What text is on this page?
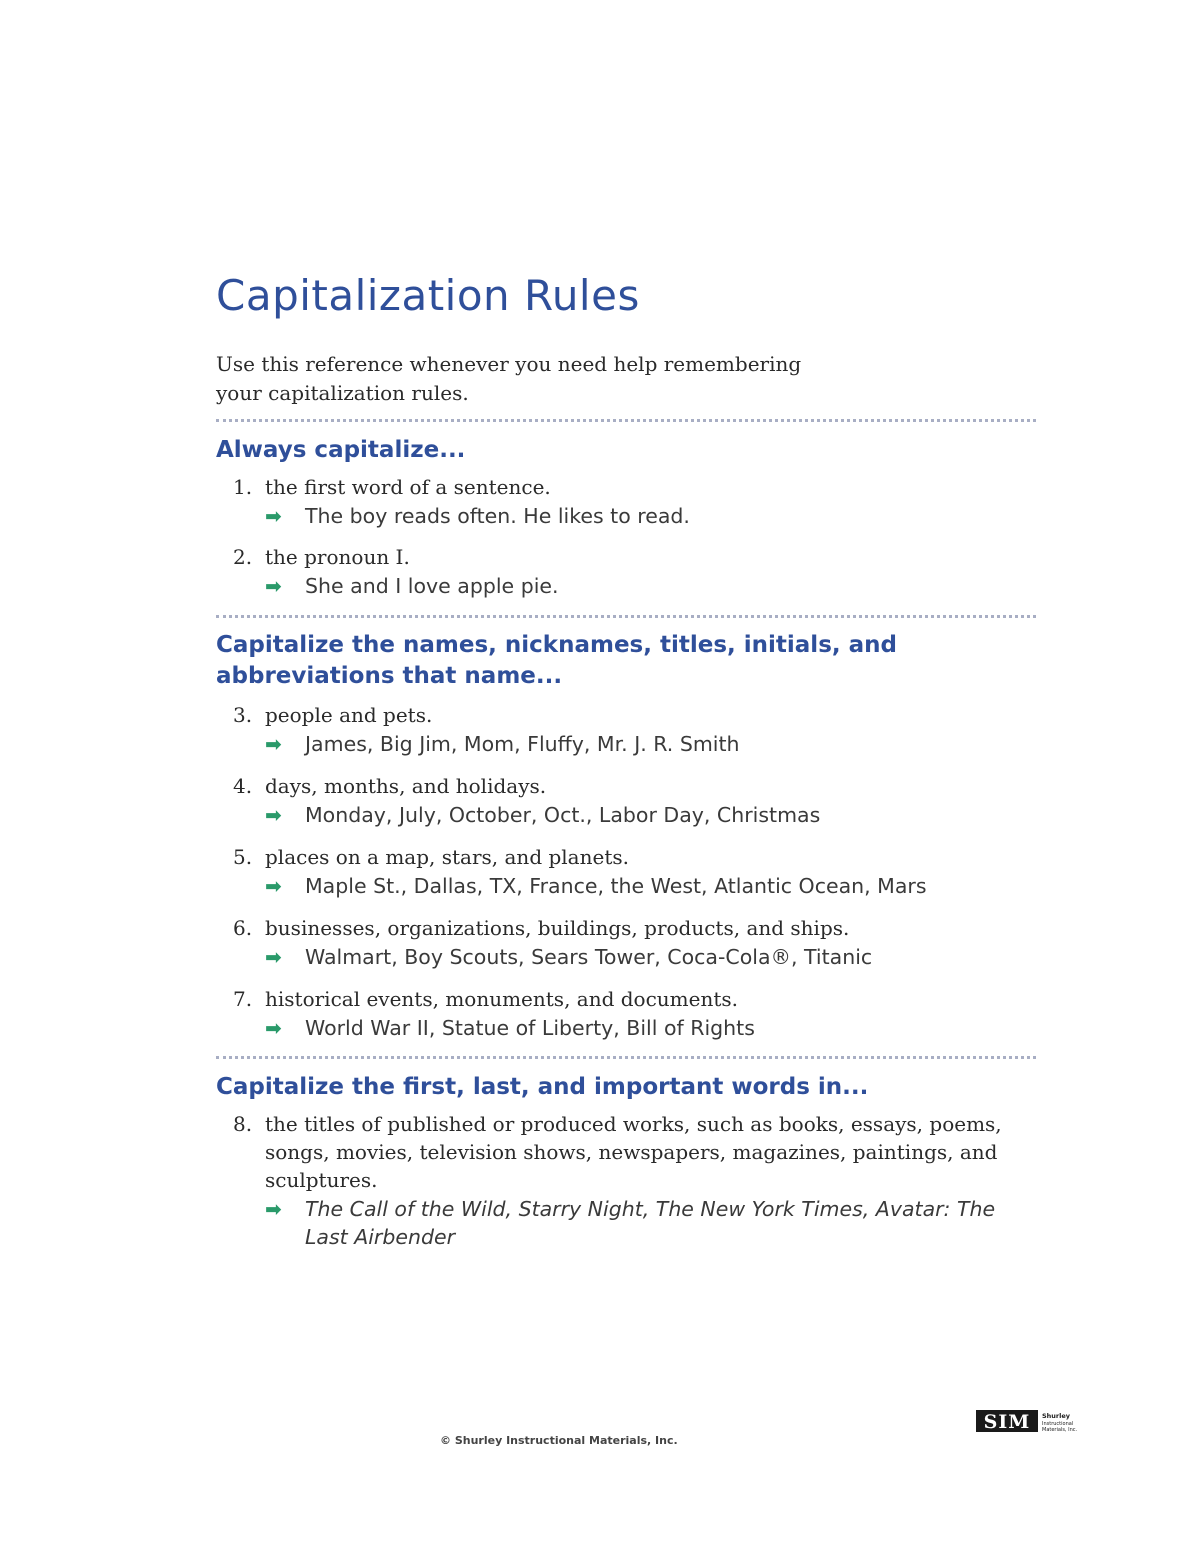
Capitalization Rules

Use this reference whenever you need help remembering your capitalization rules.

Always capitalize...
1. the first word of a sentence.
➡	The boy reads often. He likes to read.
2. the pronoun I.
➡	She and I love apple pie.
Capitalize the names, nicknames, titles, initials, and abbreviations that name...
3. people and pets.
➡	James, Big Jim, Mom, Fluffy, Mr. J. R. Smith
4. days, months, and holidays.
➡	Monday, July, October, Oct., Labor Day, Christmas
5. places on a map, stars, and planets.
➡	Maple St., Dallas, TX, France, the West, Atlantic Ocean, Mars
6. businesses, organizations, buildings, products, and ships.
➡	Walmart, Boy Scouts, Sears Tower, Coca-Cola®, Titanic
7. historical events, monuments, and documents.
➡	World War II, Statue of Liberty, Bill of Rights
Capitalize the first, last, and important words in...
8. the titles of published or produced works, such as books, essays, poems, songs, movies, television shows, newspapers, magazines, paintings, and sculptures.
➡	The Call of the Wild, Starry Night, The New York Times, Avatar: The Last Airbender

© Shurley Instructional Materials, Inc.

SIM Shurley
Instructional
Materials, Inc.
